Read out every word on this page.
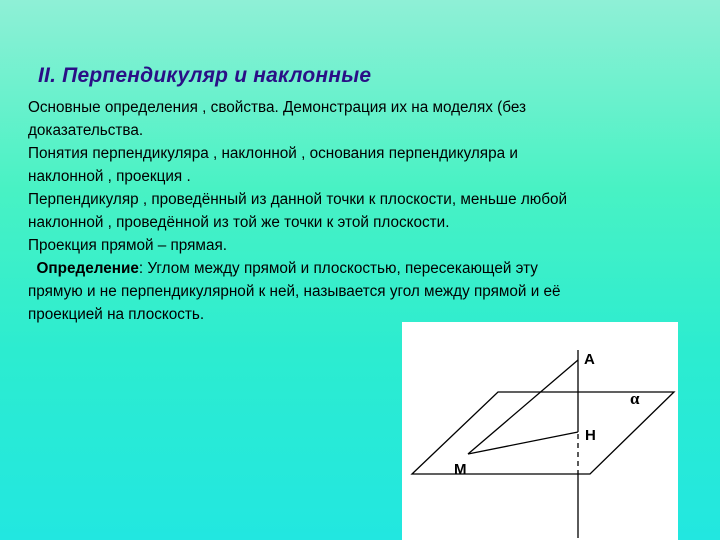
II. Перпендикуляр и наклонные
Основные определения , свойства. Демонстрация их на моделях (без
доказательства.
Понятия перпендикуляра , наклонной , основания перпендикуляра и
наклонной , проекция .
Перпендикуляр , проведённый из данной точки к плоскости, меньше любой
наклонной , проведённой из той же точки к этой плоскости.
Проекция прямой – прямая.
Определение: Углом между прямой и плоскостью, пересекающей эту
прямую и не перпендикулярной к ней, называется угол между прямой и её
проекцией на плоскость.
A
H
M
α
